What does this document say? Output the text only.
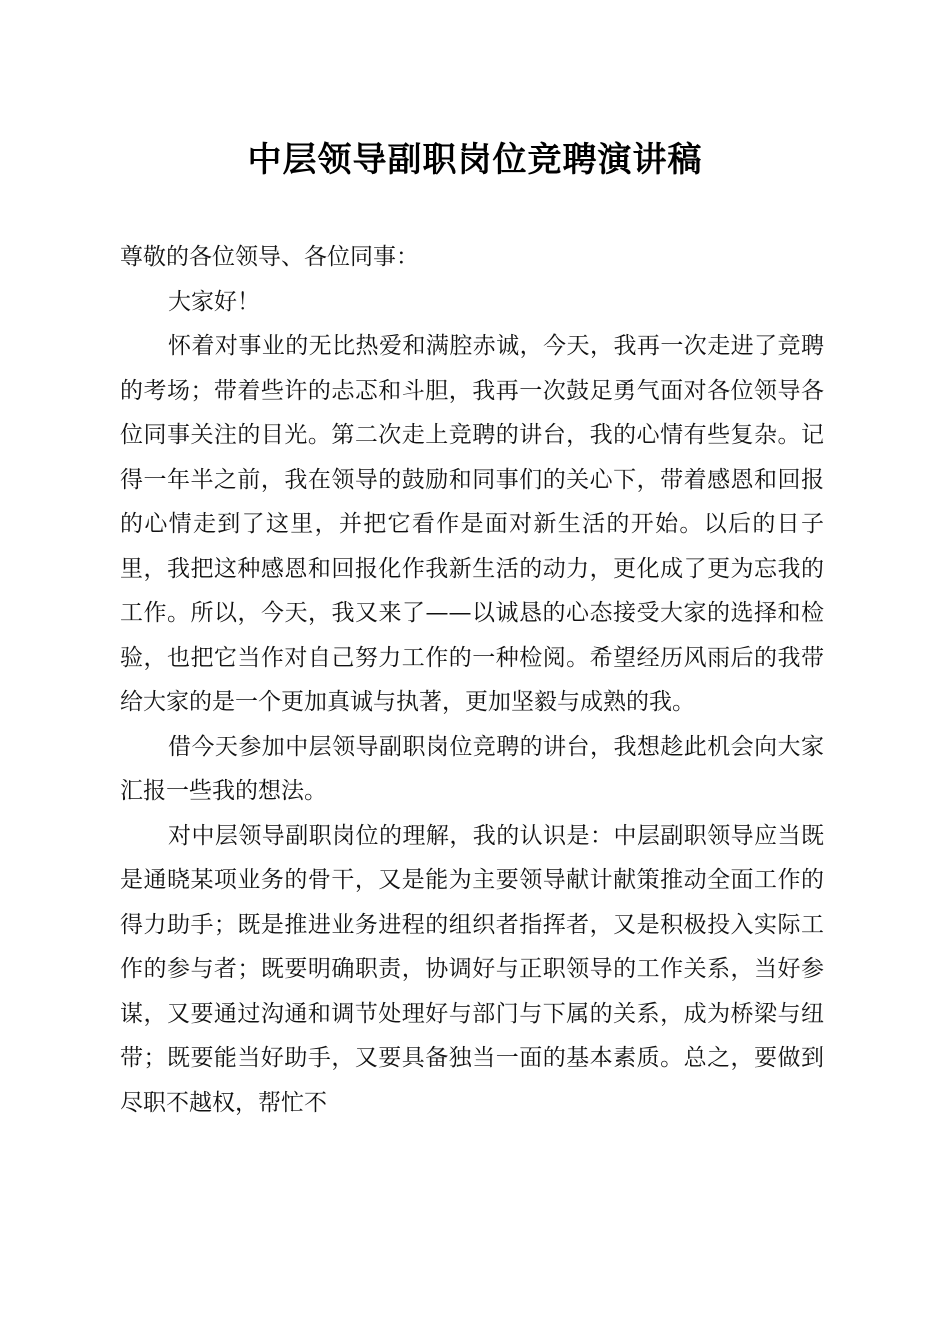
中层领导副职岗位竞聘演讲稿

尊敬的各位领导、各位同事：

大家好！

怀着对事业的无比热爱和满腔赤诚，今天，我再一次走进了竞聘的考场；带着些许的忐忑和斗胆，我再一次鼓足勇气面对各位领导各位同事关注的目光。第二次走上竞聘的讲台，我的心情有些复杂。记得一年半之前，我在领导的鼓励和同事们的关心下，带着感恩和回报的心情走到了这里，并把它看作是面对新生活的开始。以后的日子里，我把这种感恩和回报化作我新生活的动力，更化成了更为忘我的工作。所以，今天，我又来了——以诚恳的心态接受大家的选择和检验，也把它当作对自己努力工作的一种检阅。希望经历风雨后的我带给大家的是一个更加真诚与执著，更加坚毅与成熟的我。

借今天参加中层领导副职岗位竞聘的讲台，我想趁此机会向大家汇报一些我的想法。

对中层领导副职岗位的理解，我的认识是：中层副职领导应当既是通晓某项业务的骨干，又是能为主要领导献计献策推动全面工作的得力助手；既是推进业务进程的组织者指挥者，又是积极投入实际工作的参与者；既要明确职责，协调好与正职领导的工作关系，当好参谋，又要通过沟通和调节处理好与部门与下属的关系，成为桥梁与纽带；既要能当好助手，又要具备独当一面的基本素质。总之，要做到尽职不越权，帮忙不
